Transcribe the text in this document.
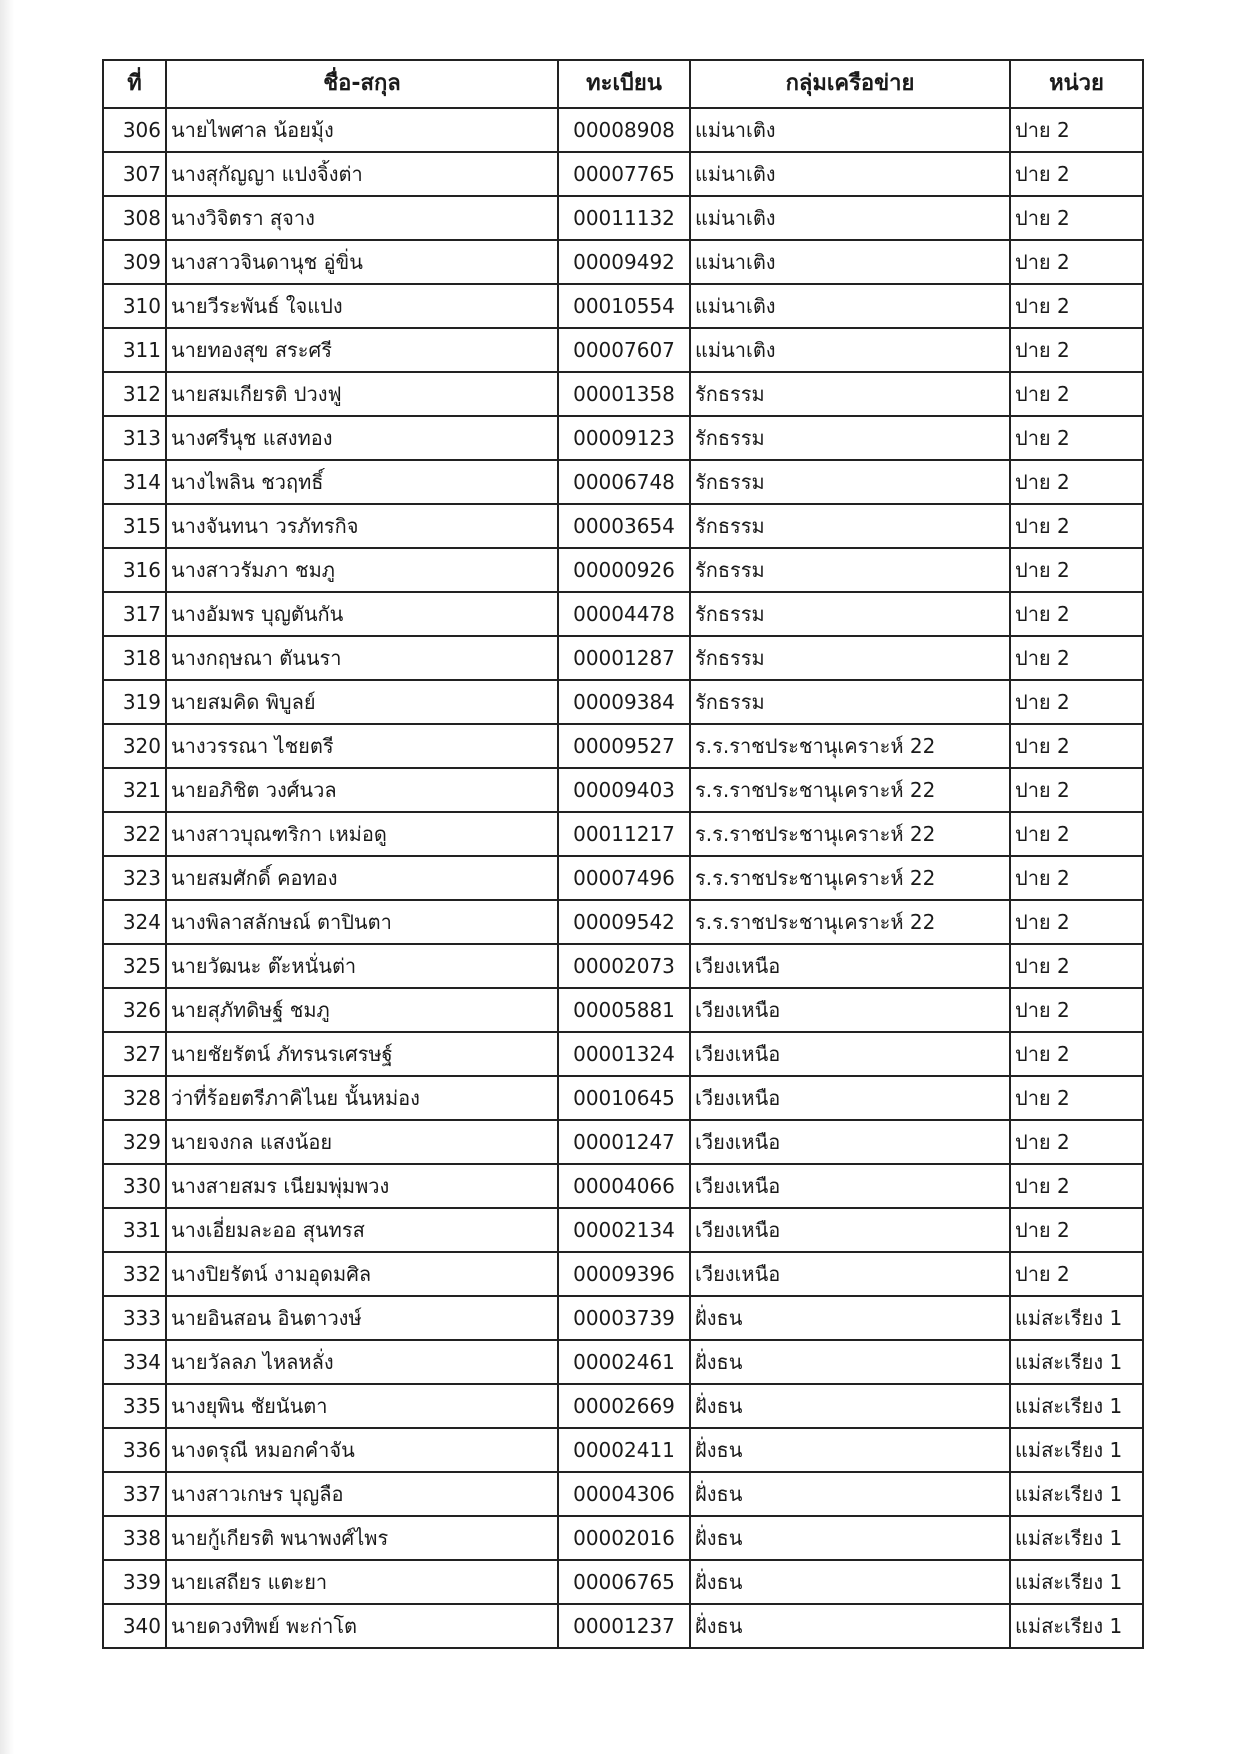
ที่	ชื่อ-สกุล	ทะเบียน	กลุ่มเครือข่าย	หน่วย
306	นายไพศาล น้อยมุ้ง	00008908	แม่นาเติง	ปาย 2
307	นางสุกัญญา แปงจิ้งต่า	00007765	แม่นาเติง	ปาย 2
308	นางวิจิตรา สุจาง	00011132	แม่นาเติง	ปาย 2
309	นางสาวจินดานุช อู่ขิ่น	00009492	แม่นาเติง	ปาย 2
310	นายวีระพันธ์ ใจแปง	00010554	แม่นาเติง	ปาย 2
311	นายทองสุข สระศรี	00007607	แม่นาเติง	ปาย 2
312	นายสมเกียรติ ปวงฟู	00001358	รักธรรม	ปาย 2
313	นางศรีนุช แสงทอง	00009123	รักธรรม	ปาย 2
314	นางไพลิน ชวฤทธิ์	00006748	รักธรรม	ปาย 2
315	นางจันทนา วรภัทรกิจ	00003654	รักธรรม	ปาย 2
316	นางสาวรัมภา ชมภู	00000926	รักธรรม	ปาย 2
317	นางอัมพร บุญตันกัน	00004478	รักธรรม	ปาย 2
318	นางกฤษณา ตันนรา	00001287	รักธรรม	ปาย 2
319	นายสมคิด พิบูลย์	00009384	รักธรรม	ปาย 2
320	นางวรรณา ไชยตรี	00009527	ร.ร.ราชประชานุเคราะห์ 22	ปาย 2
321	นายอภิชิต วงศ์นวล	00009403	ร.ร.ราชประชานุเคราะห์ 22	ปาย 2
322	นางสาวบุณฑริกา เหม่อดู	00011217	ร.ร.ราชประชานุเคราะห์ 22	ปาย 2
323	นายสมศักดิ์ คอทอง	00007496	ร.ร.ราชประชานุเคราะห์ 22	ปาย 2
324	นางพิลาสลักษณ์ ตาปินตา	00009542	ร.ร.ราชประชานุเคราะห์ 22	ปาย 2
325	นายวัฒนะ ต๊ะหนั่นต่า	00002073	เวียงเหนือ	ปาย 2
326	นายสุภัทดิษฐ์ ชมภู	00005881	เวียงเหนือ	ปาย 2
327	นายชัยรัตน์ ภัทรนรเศรษฐ์	00001324	เวียงเหนือ	ปาย 2
328	ว่าที่ร้อยตรีภาคิไนย นั้นหม่อง	00010645	เวียงเหนือ	ปาย 2
329	นายจงกล แสงน้อย	00001247	เวียงเหนือ	ปาย 2
330	นางสายสมร เนียมพุ่มพวง	00004066	เวียงเหนือ	ปาย 2
331	นางเอี่ยมละออ สุนทรส	00002134	เวียงเหนือ	ปาย 2
332	นางปิยรัตน์ งามอุดมศิล	00009396	เวียงเหนือ	ปาย 2
333	นายอินสอน อินตาวงษ์	00003739	ฝั่งธน	แม่สะเรียง 1
334	นายวัลลภ ไหลหลั่ง	00002461	ฝั่งธน	แม่สะเรียง 1
335	นางยุพิน ชัยนันตา	00002669	ฝั่งธน	แม่สะเรียง 1
336	นางดรุณี หมอกคำจัน	00002411	ฝั่งธน	แม่สะเรียง 1
337	นางสาวเกษร บุญลือ	00004306	ฝั่งธน	แม่สะเรียง 1
338	นายกู้เกียรติ พนาพงศ์ไพร	00002016	ฝั่งธน	แม่สะเรียง 1
339	นายเสถียร แตะยา	00006765	ฝั่งธน	แม่สะเรียง 1
340	นายดวงทิพย์ พะก่าโต	00001237	ฝั่งธน	แม่สะเรียง 1
